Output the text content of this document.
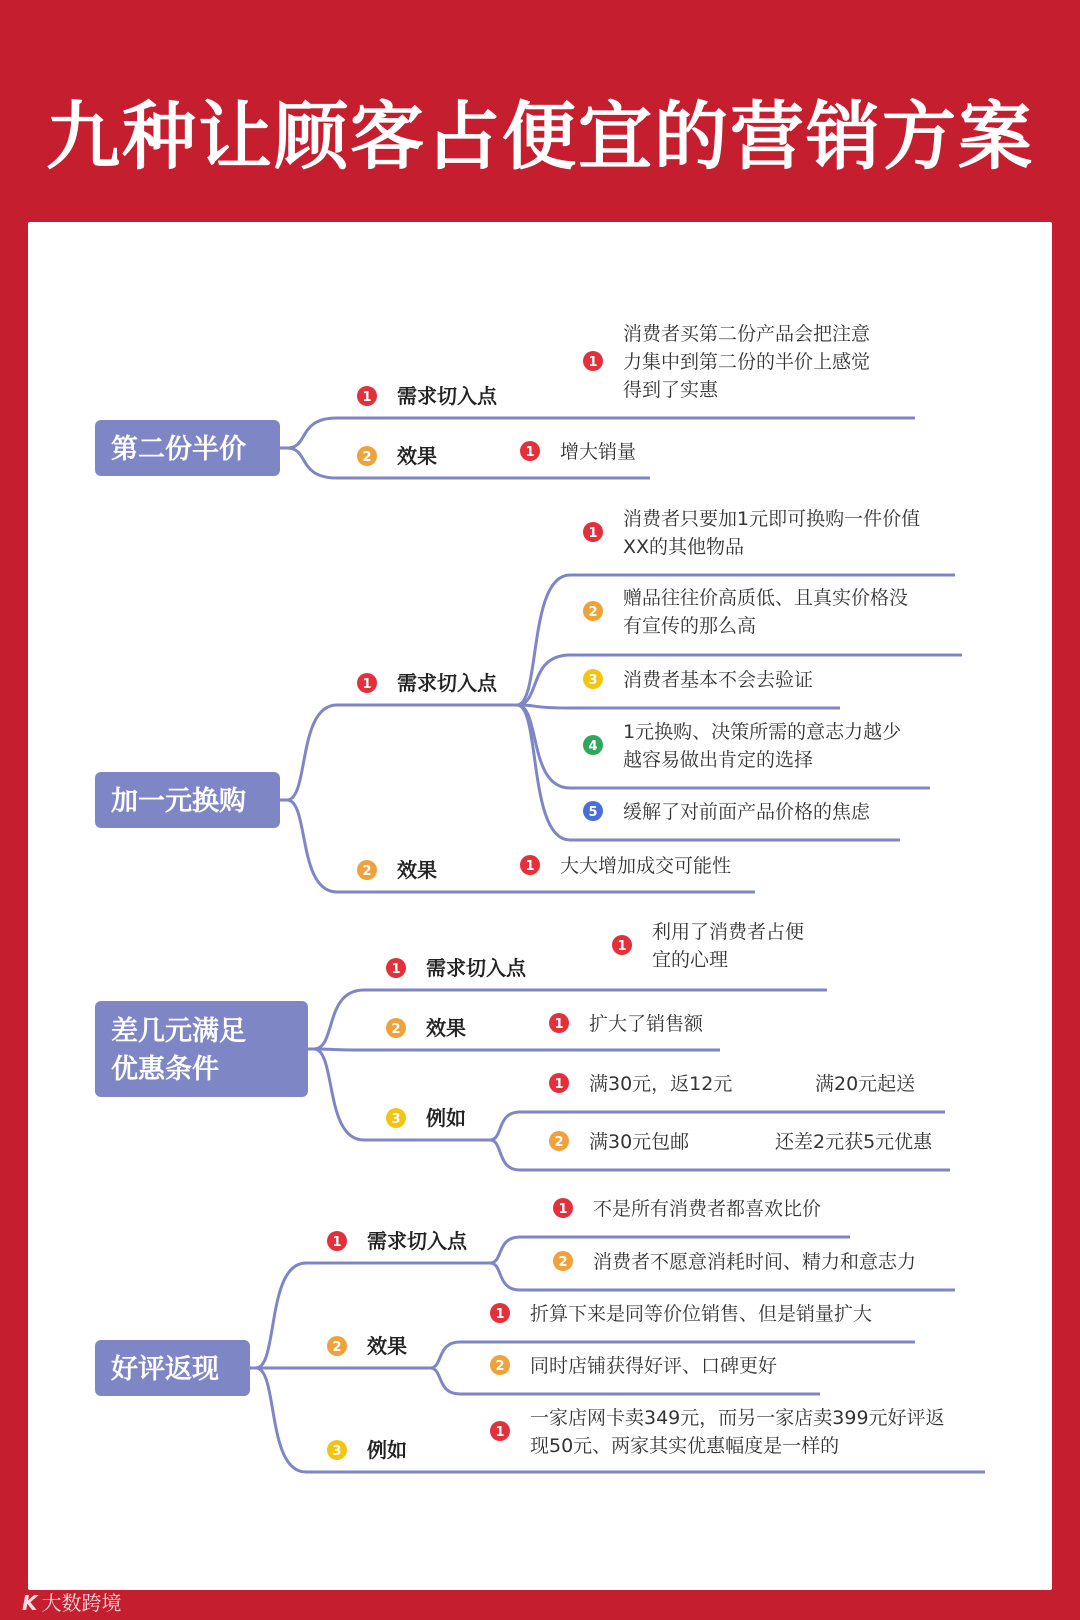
九种让顾客占便宜的营销方案
第二份半价
1 需求切入点
1
消费者买第二份产品会把注意
力集中到第二份的半价上感觉
得到了实惠
2 效果	1 增大销量
加一元换购
1 需求切入点
1
消费者只要加1元即可换购一件价值
XX的其他物品
2
赠品往往价高质低、且真实价格没
有宣传的那么高
3 消费者基本不会去验证
4
1元换购、决策所需的意志力越少
越容易做出肯定的选择
5 缓解了对前面产品价格的焦虑
2 效果	1 大大增加成交可能性
差几元满足
优惠条件
1 需求切入点
1
利用了消费者占便
宜的心理
2 效果	1 扩大了销售额
3 例如
1 满30元，返12元	满20元起送
2 满30元包邮	还差2元获5元优惠
好评返现
1 需求切入点
1 不是所有消费者都喜欢比价
2 消费者不愿意消耗时间、精力和意志力
2 效果
1 折算下来是同等价位销售、但是销量扩大
2 同时店铺获得好评、口碑更好
3 例如
1
一家店网卡卖349元，而另一家店卖399元好评返
现50元、两家其实优惠幅度是一样的
K 大数跨境
